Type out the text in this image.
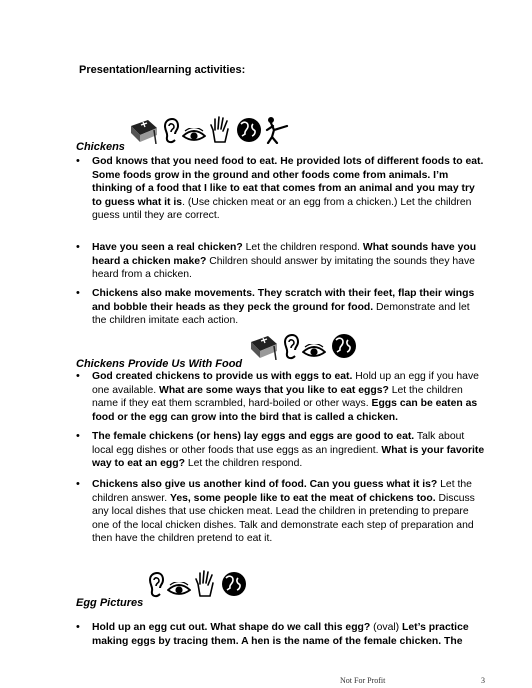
Presentation/learning activities:
Chickens
•	God knows that you need food to eat. He provided lots of different foods to eat. Some foods grow in the ground and other foods come from animals. I’m thinking of a food that I like to eat that comes from an animal and you may try to guess what it is. (Use chicken meat or an egg from a chicken.) Let the children guess until they are correct.
•	Have you seen a real chicken? Let the children respond. What sounds have you heard a chicken make? Children should answer by imitating the sounds they have heard from a chicken.
•	Chickens also make movements. They scratch with their feet, flap their wings and bobble their heads as they peck the ground for food. Demonstrate and let the children imitate each action.
Chickens Provide Us With Food
•	God created chickens to provide us with eggs to eat. Hold up an egg if you have one available. What are some ways that you like to eat eggs? Let the children name if they eat them scrambled, hard-boiled or other ways. Eggs can be eaten as food or the egg can grow into the bird that is called a chicken.
•	The female chickens (or hens) lay eggs and eggs are good to eat. Talk about local egg dishes or other foods that use eggs as an ingredient. What is your favorite way to eat an egg? Let the children respond.
•	Chickens also give us another kind of food. Can you guess what it is? Let the children answer. Yes, some people like to eat the meat of chickens too. Discuss any local dishes that use chicken meat. Lead the children in pretending to prepare one of the local chicken dishes. Talk and demonstrate each step of preparation and then have the children pretend to eat it.
Egg Pictures
•	Hold up an egg cut out. What shape do we call this egg? (oval) Let’s practice making eggs by tracing them. A hen is the name of the female chicken. The
Not For Profit	3
